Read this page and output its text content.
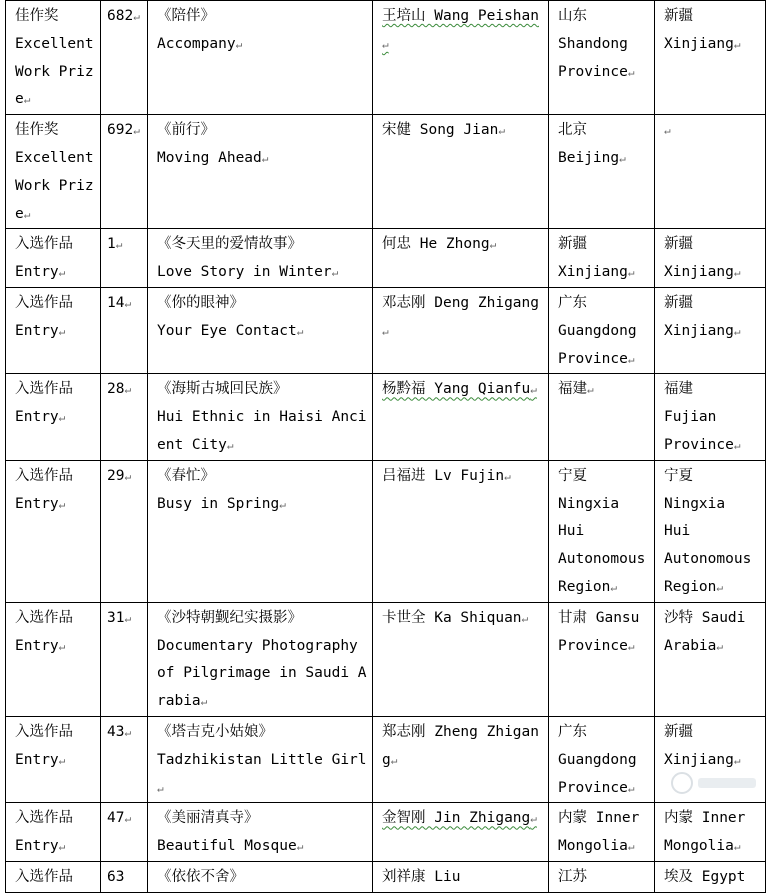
佳作奖
Excellent
Work Prize↵	682↵	《陪伴》
Accompany↵	王培山 Wang Peishan↵	山东
Shandong
Province↵	新疆
Xinjiang↵

佳作奖
Excellent
Work Prize↵	692↵	《前行》
Moving Ahead↵	宋健 Song Jian↵	北京
Beijing↵	↵

入选作品
Entry↵	1↵	《冬天里的爱情故事》
Love Story in Winter↵	何忠 He Zhong↵	新疆
Xinjiang↵	新疆
Xinjiang↵

入选作品
Entry↵	14↵	《你的眼神》
Your Eye Contact↵	邓志刚 Deng Zhigang↵	广东
Guangdong
Province↵	新疆
Xinjiang↵

入选作品
Entry↵	28↵	《海斯古城回民族》
Hui Ethnic in Haisi Ancient City↵	杨黔福 Yang Qianfu↵	福建↵	福建
Fujian
Province↵

入选作品
Entry↵	29↵	《春忙》
Busy in Spring↵	吕福进 Lv Fujin↵	宁夏
Ningxia
Hui
Autonomous Region↵	宁夏
Ningxia
Hui
Autonomous Region↵

入选作品
Entry↵	31↵	《沙特朝觐纪实摄影》
Documentary Photography of Pilgrimage in Saudi Arabia↵	卡世全 Ka Shiquan↵	甘肃 Gansu Province↵	沙特 Saudi Arabia↵

入选作品
Entry↵	43↵	《塔吉克小姑娘》
Tadzhikistan Little Girl↵	郑志刚 Zheng Zhigang↵	广东
Guangdong
Province↵	新疆
Xinjiang↵

入选作品
Entry↵	47↵	《美丽清真寺》
Beautiful Mosque↵	金智刚 Jin Zhigang↵	内蒙 Inner Mongolia↵	内蒙 Inner Mongolia↵

入选作品	63	《依依不舍》	刘祥康 Liu	江苏	埃及 Egypt
